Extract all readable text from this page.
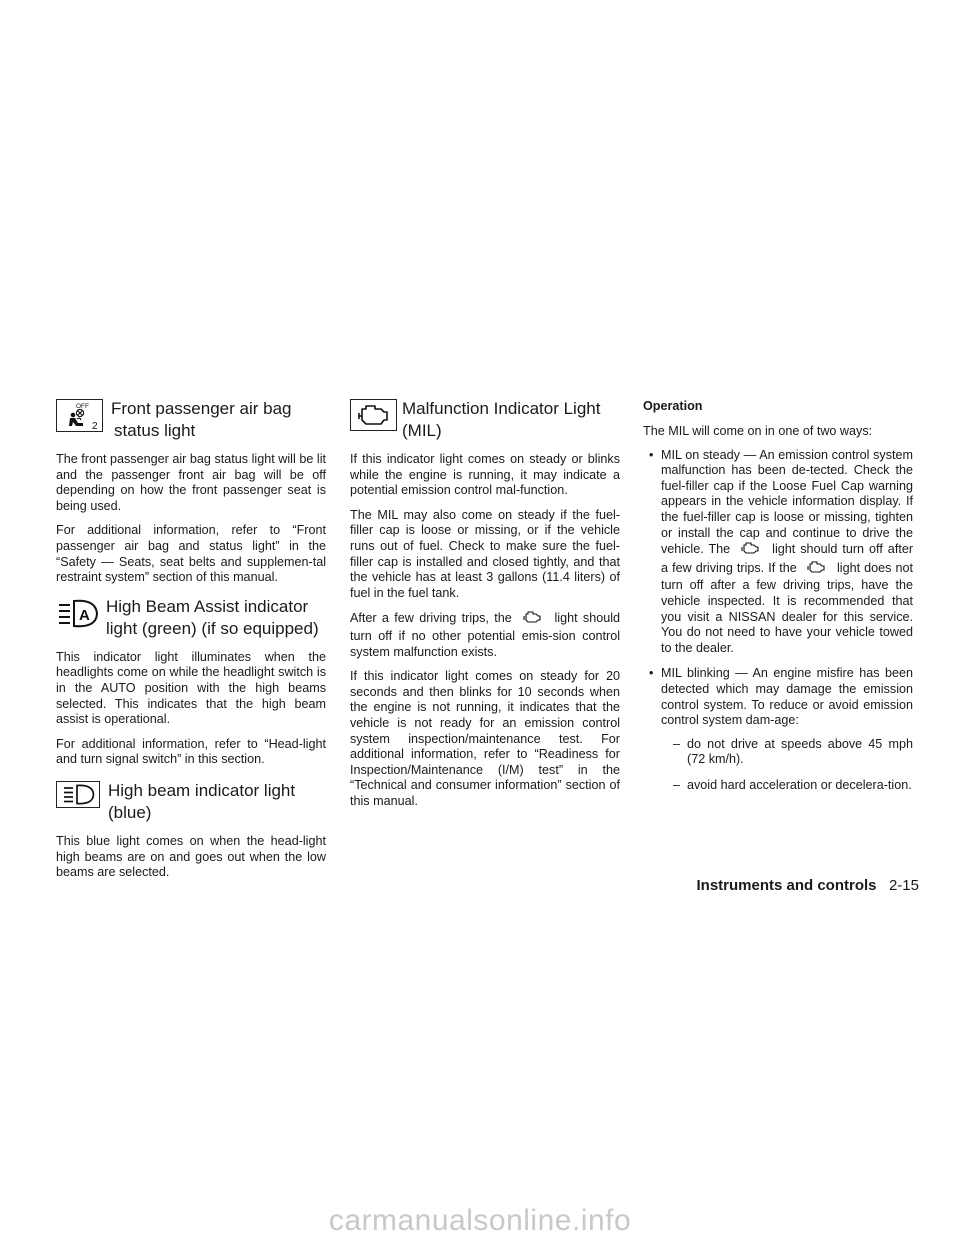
OFF
2
Front passenger air bag
status light

The front passenger air bag status light will be lit and the passenger front air bag will be off depending on how the front passenger seat is being used.

For additional information, refer to “Front passenger air bag and status light” in the “Safety — Seats, seat belts and supplemen-tal restraint system” section of this manual.

A High Beam Assist indicator
light (green) (if so equipped)

This indicator light illuminates when the headlights come on while the headlight switch is in the AUTO position with the high beams selected. This indicates that the high beam assist is operational.

For additional information, refer to “Head-light and turn signal switch” in this section.

High beam indicator light
(blue)

This blue light comes on when the head-light high beams are on and goes out when the low beams are selected.

Malfunction Indicator Light
(MIL)

If this indicator light comes on steady or blinks while the engine is running, it may indicate a potential emission control mal-function.

The MIL may also come on steady if the fuel-filler cap is loose or missing, or if the vehicle runs out of fuel. Check to make sure the fuel-filler cap is installed and closed tightly, and that the vehicle has at least 3 gallons (11.4 liters) of fuel in the fuel tank.

After a few driving trips, the	light should turn off if no other potential emis-sion control system malfunction exists.

If this indicator light comes on steady for 20 seconds and then blinks for 10 seconds when the engine is not running, it indicates that the vehicle is not ready for an emission control system inspection/maintenance test. For additional information, refer to “Readiness for Inspection/Maintenance (I/M) test” in the “Technical and consumer information” section of this manual.

Operation

The MIL will come on in one of two ways:

• MIL on steady — An emission control system malfunction has been de-tected. Check the fuel-filler cap if the Loose Fuel Cap warning appears in the vehicle information display. If the fuel-filler cap is loose or missing, tighten or install the cap and continue to drive the vehicle. The	light should turn off after a few driving trips. If the	light does not turn off after a few driving trips, have the vehicle inspected. It is recommended that you visit a NISSAN dealer for this service. You do not need to have your vehicle towed to the dealer.
• MIL blinking — An engine misfire has been detected which may damage the emission control system. To reduce or avoid emission control system dam-age:
– do not drive at speeds above 45 mph (72 km/h).
– avoid hard acceleration or decelera-tion.
Instruments and controls 2-15
carmanualsonline.info
